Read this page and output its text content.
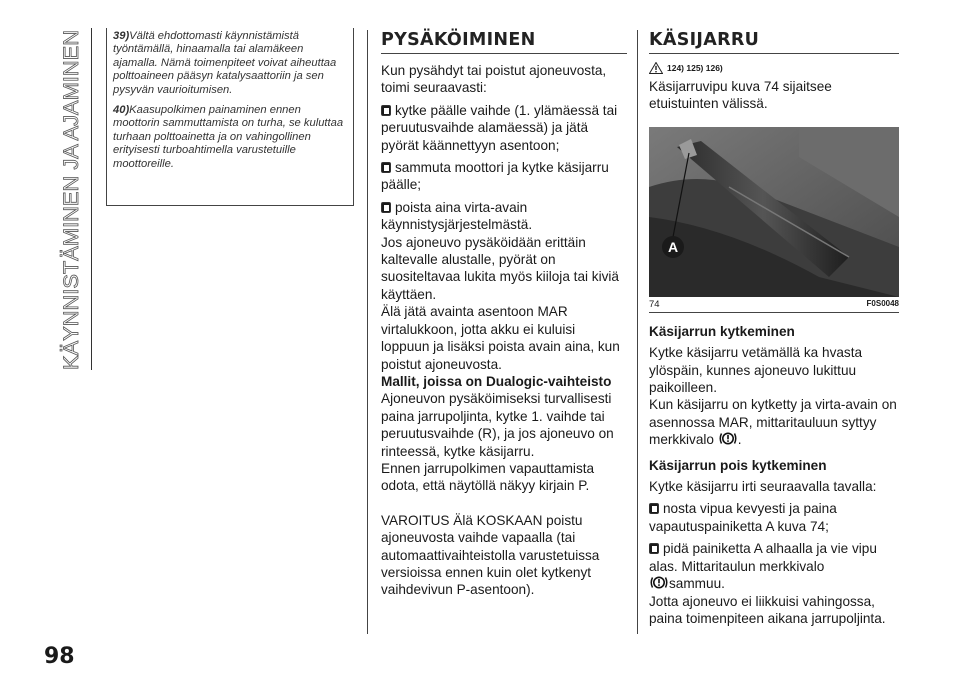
KÄYNNISTÄMINEN JA AJAMINEN	39)Vältä ehdottomasti käynnistämistä työntämällä, hinaamalla tai alamäkeen ajamalla. Nämä toimenpiteet voivat aiheuttaa polttoaineen pääsyn katalysaattoriin ja sen pysyvän vaurioitumisen.

40)Kaasupolkimen painaminen ennen moottorin sammuttamista on turha, se kuluttaa turhaan polttoainetta ja on vahingollinen erityisesti turboahtimella varustetuille moottoreille.

PYSÄKÖIMINEN

Kun pysähdyt tai poistut ajoneuvosta, toimi seuraavasti:

kytke päälle vaihde (1. ylämäessä tai peruutusvaihde alamäessä) ja jätä pyörät käännettyyn asentoon;

sammuta moottori ja kytke käsijarru päälle;

poista aina virta-avain käynnistysjärjestelmästä.

Jos ajoneuvo pysäköidään erittäin kaltevalle alustalle, pyörät on suositeltavaa lukita myös kiiloja tai kiviä käyttäen.

Älä jätä avainta asentoon MAR virtalukkoon, jotta akku ei kuluisi loppuun ja lisäksi poista avain aina, kun poistut ajoneuvosta.

Mallit, joissa on Dualogic-vaihteisto

Ajoneuvon pysäköimiseksi turvallisesti paina jarrupoljinta, kytke 1. vaihde tai peruutusvaihde (R), ja jos ajoneuvo on rinteessä, kytke käsijarru.

Ennen jarrupolkimen vapauttamista odota, että näytöllä näkyy kirjain P.

VAROITUS Älä KOSKAAN poistu ajoneuvosta vaihde vapaalla (tai automaattivaihteistolla varustetuissa versioissa ennen kuin olet kytkenyt vaihdevivun P-asentoon).

KÄSIJARRU
124) 125) 126)

Käsijarruvipu kuva 74 sijaitsee etuistuinten välissä.

A
74	F0S0048

Käsijarrun kytkeminen

Kytke käsijarru vetämällä ka hvasta ylöspäin, kunnes ajoneuvo lukittuu paikoilleen.

Kun käsijarru on kytketty ja virta-avain on asennossa MAR, mittaritauluun syttyy merkkivalo .

Käsijarrun pois kytkeminen

Kytke käsijarru irti seuraavalla tavalla:

nosta vipua kevyesti ja paina vapautuspainiketta A kuva 74;

pidä painiketta A alhaalla ja vie vipu alas. Mittaritaulun merkkivalo

sammuu.

Jotta ajoneuvo ei liikkuisi vahingossa, paina toimenpiteen aikana jarrupoljinta.

98
